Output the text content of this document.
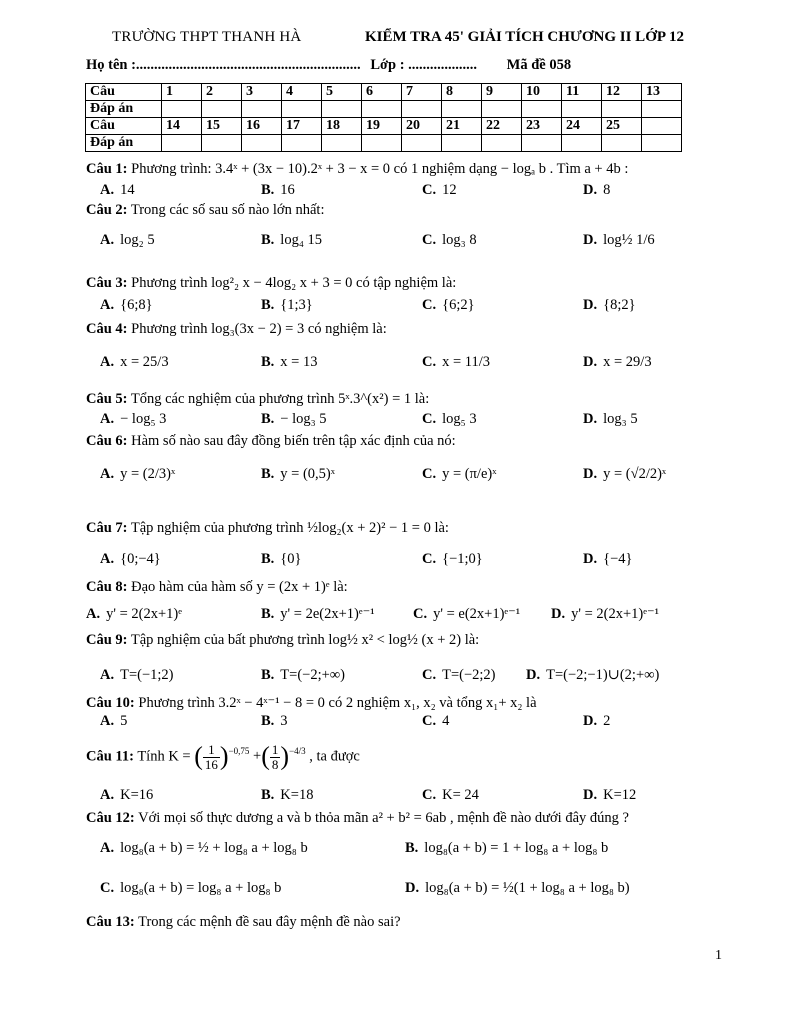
TRƯỜNG THPT THANH HÀ	KIỂM TRA 45' GIẢI TÍCH CHƯƠNG II LỚP 12
Họ tên :.............................................................. Lớp : ................... Mã đề 058
Câu	1	2	3	4	5	6	7	8	9	10	11	12	13
Đáp án													
Câu	14	15	16	17	18	19	20	21	22	23	24	25	
Đáp án													
Câu 1: Phương trình: 3.4ˣ + (3x − 10).2ˣ + 3 − x = 0 có 1 nghiệm dạng − logₐ b . Tìm a + 4b :
A. 14	B. 16	C. 12	D. 8
Câu 2: Trong các số sau số nào lớn nhất:
A. log₂ 5	B. log₄ 15	C. log₃ 8	D. log½ 1/6
Câu 3: Phương trình log²₂ x − 4log₂ x + 3 = 0 có tập nghiệm là:
A. {6;8}	B. {1;3}	C. {6;2}	D. {8;2}
Câu 4: Phương trình log₃(3x − 2) = 3 có nghiệm là:
A. x = 25/3	B. x = 13	C. x = 11/3	D. x = 29/3
Câu 5: Tổng các nghiệm của phương trình 5ˣ.3^(x²) = 1 là:
A. − log₅ 3	B. − log₃ 5	C. log₅ 3	D. log₃ 5
Câu 6: Hàm số nào sau đây đồng biến trên tập xác định của nó:
A. y = (2/3)ˣ	B. y = (0,5)ˣ	C. y = (π/e)ˣ	D. y = (√2/2)ˣ
Câu 7: Tập nghiệm của phương trình ½log₂(x + 2)² − 1 = 0 là:
A. {0;−4}	B. {0}	C. {−1;0}	D. {−4}
Câu 8: Đạo hàm của hàm số y = (2x + 1)ᵉ là:
A. y' = 2(2x+1)ᵉ	B. y' = 2e(2x+1)ᵉ⁻¹	C. y' = e(2x+1)ᵉ⁻¹ D. y' = 2(2x+1)ᵉ⁻¹
Câu 9: Tập nghiệm của bất phương trình log½ x² < log½ (x + 2) là:
A. T=(−1;2)	B. T=(−2;+∞)	C. T=(−2;2) D. T=(−2;−1)∪(2;+∞)
Câu 10: Phương trình 3.2ˣ − 4ˣ⁻¹ − 8 = 0 có 2 nghiệm x₁, x₂ và tổng x₁+ x₂ là
A. 5	B. 3	C. 4	D. 2
Câu 11: Tính K = ( $\frac{1}{16} )^{-0,75}$ +( $\frac{1}{8} )^{-4/3}$ , ta được
A. K=16	B. K=18	C. K= 24	D. K=12
Câu 12: Với mọi số thực dương a và b thỏa mãn a² + b² = 6ab , mệnh đề nào dưới đây đúng ?
A. log₈(a + b) = ½ + log₈ a + log₈ b	B. log₈(a + b) = 1 + log₈ a + log₈ b
C. log₈(a + b) = log₈ a + log₈ b	D. log₈(a + b) = ½(1 + log₈ a + log₈ b)
Câu 13: Trong các mệnh đề sau đây mệnh đề nào sai?
1
